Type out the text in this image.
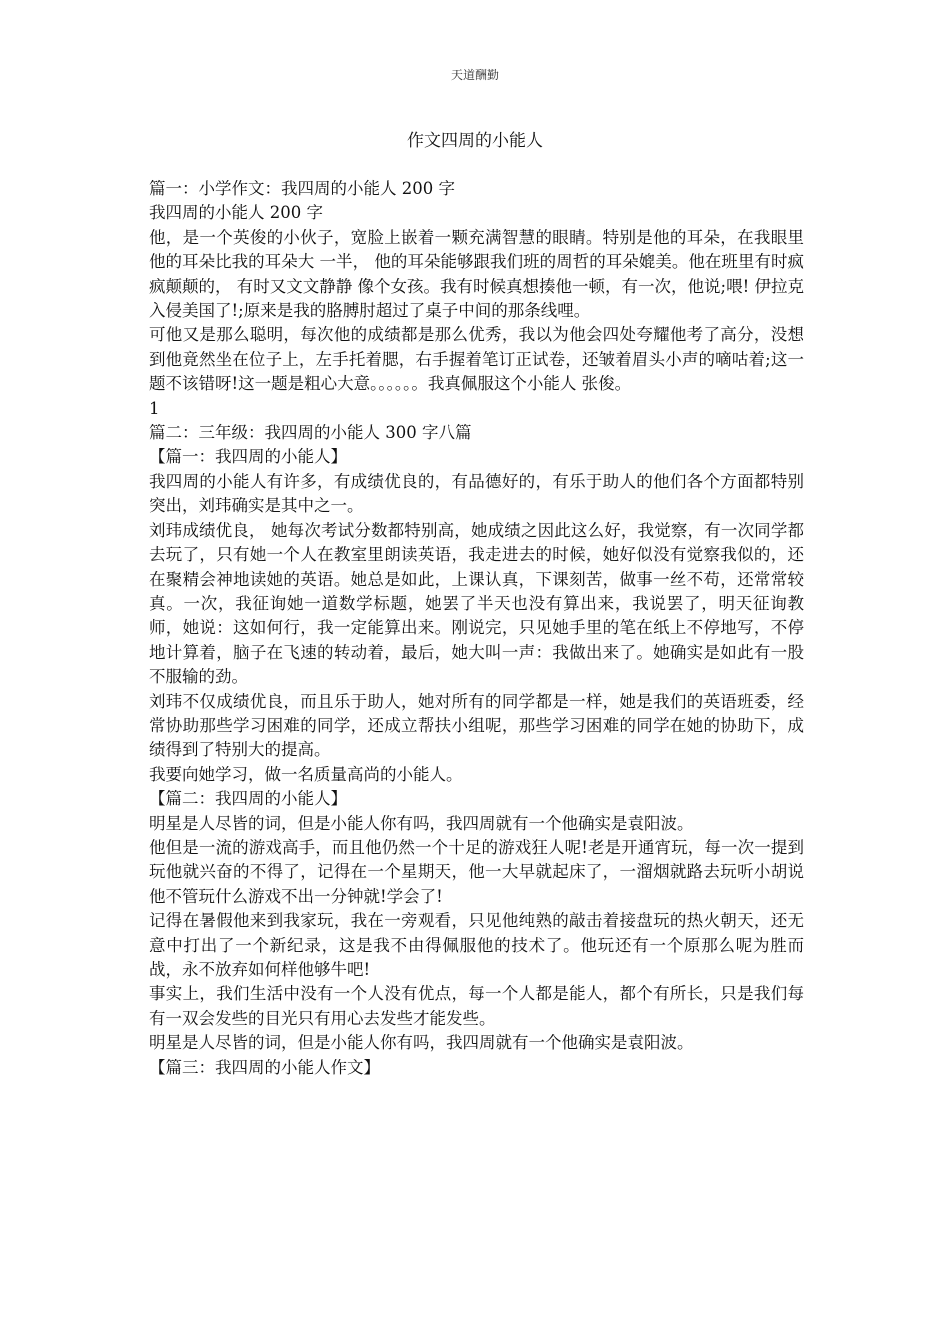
天道酬勤
作文四周的小能人

篇一：小学作文：我四周的小能人 200 字

我四周的小能人 200 字

他，是一个英俊的小伙子，宽脸上嵌着一颗充满智慧的眼睛。特别是他的耳朵，在我眼里他的耳朵比我的耳朵大 一半， 他的耳朵能够跟我们班的周哲的耳朵媲美。他在班里有时疯疯颠颠的， 有时又文文静静 像个女孩。我有时候真想揍他一顿，有一次，他说;喂! 伊拉克入侵美国了!;原来是我的胳膊肘超过了桌子中间的那条线哩。

可他又是那么聪明，每次他的成绩都是那么优秀，我以为他会四处夸耀他考了高分，没想到他竟然坐在位子上，左手托着腮，右手握着笔订正试卷，还皱着眉头小声的嘀咕着;这一题不该错呀!这一题是粗心大意。。。。。。我真佩服这个小能人 张俊。

1

篇二：三年级：我四周的小能人 300 字八篇

【篇一：我四周的小能人】

我四周的小能人有许多，有成绩优良的，有品德好的，有乐于助人的他们各个方面都特别突出，刘玮确实是其中之一。

刘玮成绩优良， 她每次考试分数都特别高，她成绩之因此这么好，我觉察，有一次同学都去玩了，只有她一个人在教室里朗读英语，我走进去的时候，她好似没有觉察我似的，还在聚精会神地读她的英语。她总是如此，上课认真，下课刻苦，做事一丝不苟，还常常较真。一次，我征询她一道数学标题，她罢了半天也没有算出来，我说罢了，明天征询教师，她说：这如何行，我一定能算出来。刚说完，只见她手里的笔在纸上不停地写，不停地计算着，脑子在飞速的转动着，最后，她大叫一声：我做出来了。她确实是如此有一股不服输的劲。

刘玮不仅成绩优良，而且乐于助人，她对所有的同学都是一样，她是我们的英语班委，经常协助那些学习困难的同学，还成立帮扶小组呢，那些学习困难的同学在她的协助下，成绩得到了特别大的提高。

我要向她学习，做一名质量高尚的小能人。

【篇二：我四周的小能人】

明星是人尽皆的词，但是小能人你有吗，我四周就有一个他确实是袁阳波。

他但是一流的游戏高手，而且他仍然一个十足的游戏狂人呢!老是开通宵玩，每一次一提到玩他就兴奋的不得了，记得在一个星期天，他一大早就起床了，一溜烟就路去玩听小胡说他不管玩什么游戏不出一分钟就!学会了!

记得在暑假他来到我家玩，我在一旁观看，只见他纯熟的敲击着接盘玩的热火朝天，还无意中打出了一个新纪录，这是我不由得佩服他的技术了。他玩还有一个原那么呢为胜而战，永不放弃如何样他够牛吧!

事实上，我们生活中没有一个人没有优点，每一个人都是能人，都个有所长，只是我们每有一双会发些的目光只有用心去发些才能发些。

明星是人尽皆的词，但是小能人你有吗，我四周就有一个他确实是袁阳波。

【篇三：我四周的小能人作文】
